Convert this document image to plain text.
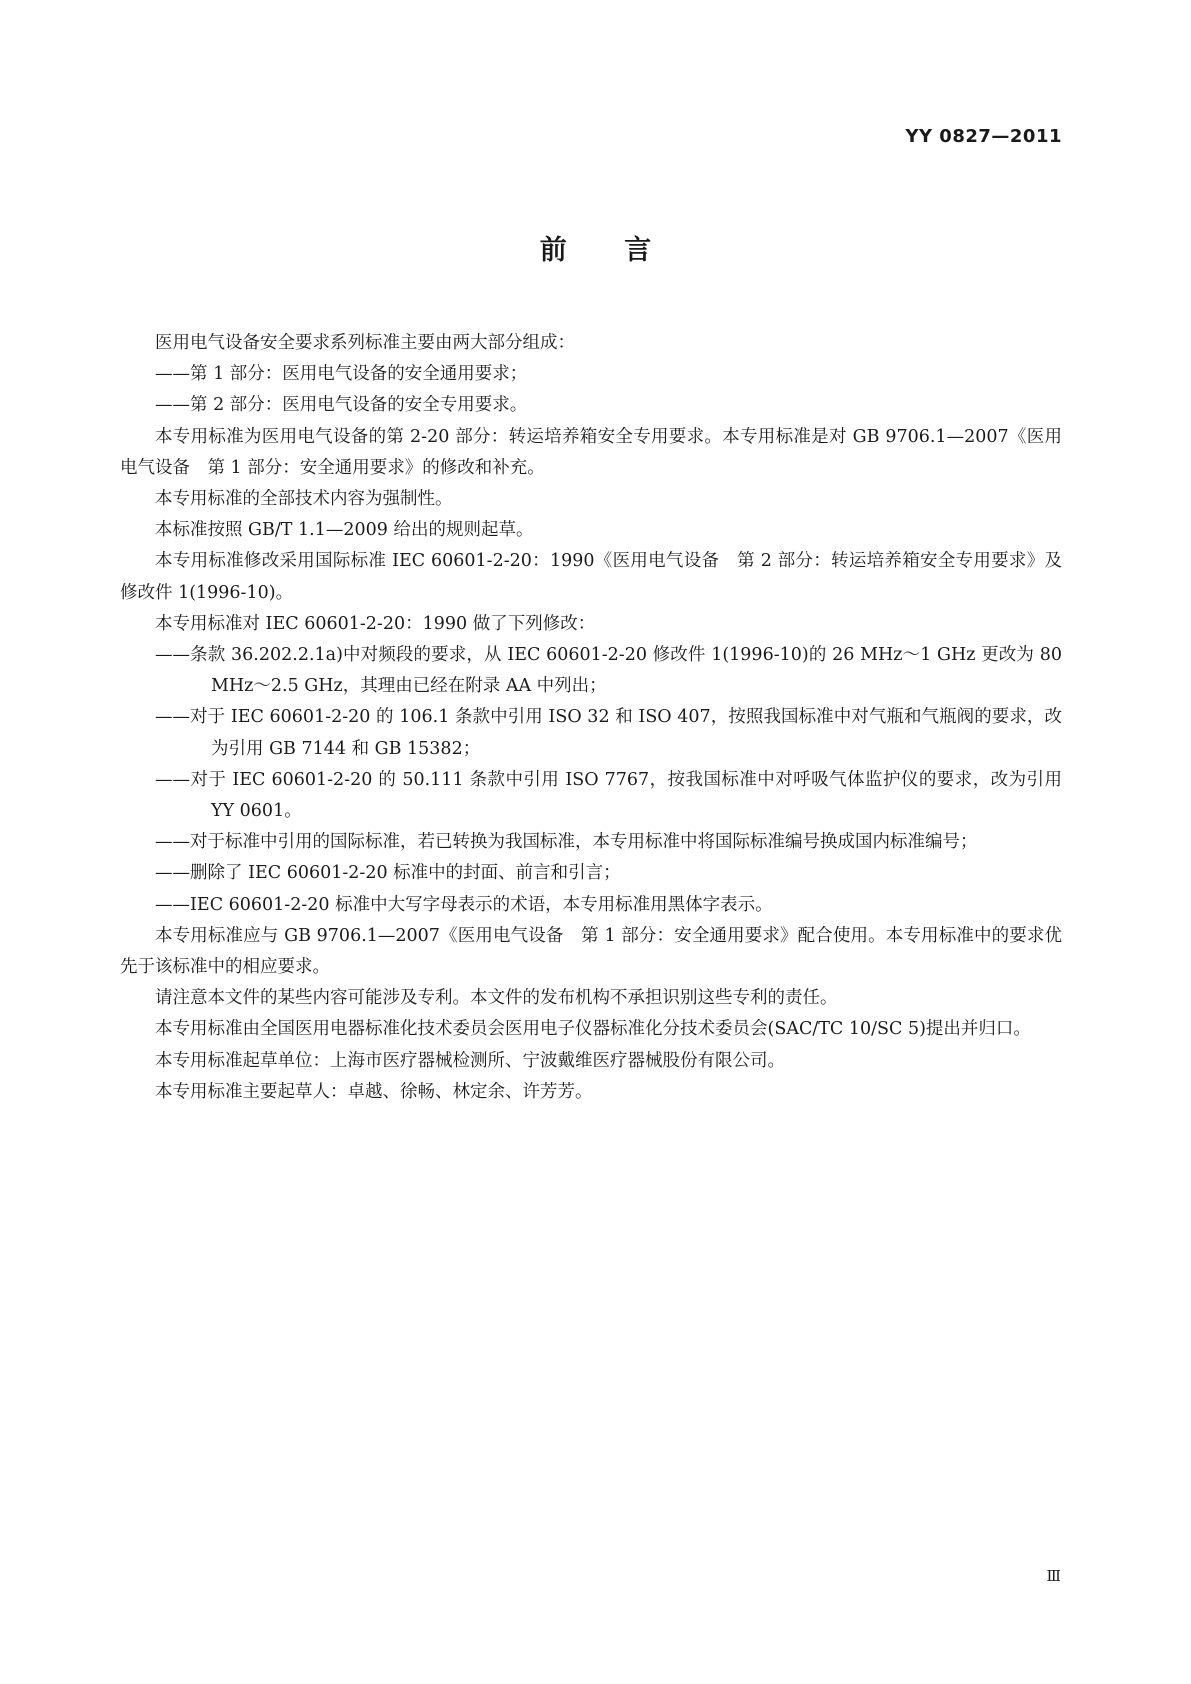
YY 0827—2011

前 言

医用电气设备安全要求系列标准主要由两大部分组成：

——第 1 部分：医用电气设备的安全通用要求；

——第 2 部分：医用电气设备的安全专用要求。

本专用标准为医用电气设备的第 2-20 部分：转运培养箱安全专用要求。本专用标准是对 GB 9706.1—2007《医用电气设备　第 1 部分：安全通用要求》的修改和补充。

本专用标准的全部技术内容为强制性。

本标准按照 GB/T 1.1—2009 给出的规则起草。

本专用标准修改采用国际标准 IEC 60601-2-20：1990《医用电气设备　第 2 部分：转运培养箱安全专用要求》及修改件 1(1996-10)。

本专用标准对 IEC 60601-2-20：1990 做了下列修改：

——条款 36.202.2.1a)中对频段的要求，从 IEC 60601-2-20 修改件 1(1996-10)的 26 MHz～1 GHz 更改为 80 MHz～2.5 GHz，其理由已经在附录 AA 中列出；

——对于 IEC 60601-2-20 的 106.1 条款中引用 ISO 32 和 ISO 407，按照我国标准中对气瓶和气瓶阀的要求，改为引用 GB 7144 和 GB 15382；

——对于 IEC 60601-2-20 的 50.111 条款中引用 ISO 7767，按我国标准中对呼吸气体监护仪的要求，改为引用 YY 0601。

——对于标准中引用的国际标准，若已转换为我国标准，本专用标准中将国际标准编号换成国内标准编号；

——删除了 IEC 60601-2-20 标准中的封面、前言和引言；

——IEC 60601-2-20 标准中大写字母表示的术语，本专用标准用黑体字表示。

本专用标准应与 GB 9706.1—2007《医用电气设备　第 1 部分：安全通用要求》配合使用。本专用标准中的要求优先于该标准中的相应要求。

请注意本文件的某些内容可能涉及专利。本文件的发布机构不承担识别这些专利的责任。

本专用标准由全国医用电器标准化技术委员会医用电子仪器标准化分技术委员会(SAC/TC 10/SC 5)提出并归口。

本专用标准起草单位：上海市医疗器械检测所、宁波戴维医疗器械股份有限公司。

本专用标准主要起草人：卓越、徐畅、林定余、许芳芳。

Ⅲ
